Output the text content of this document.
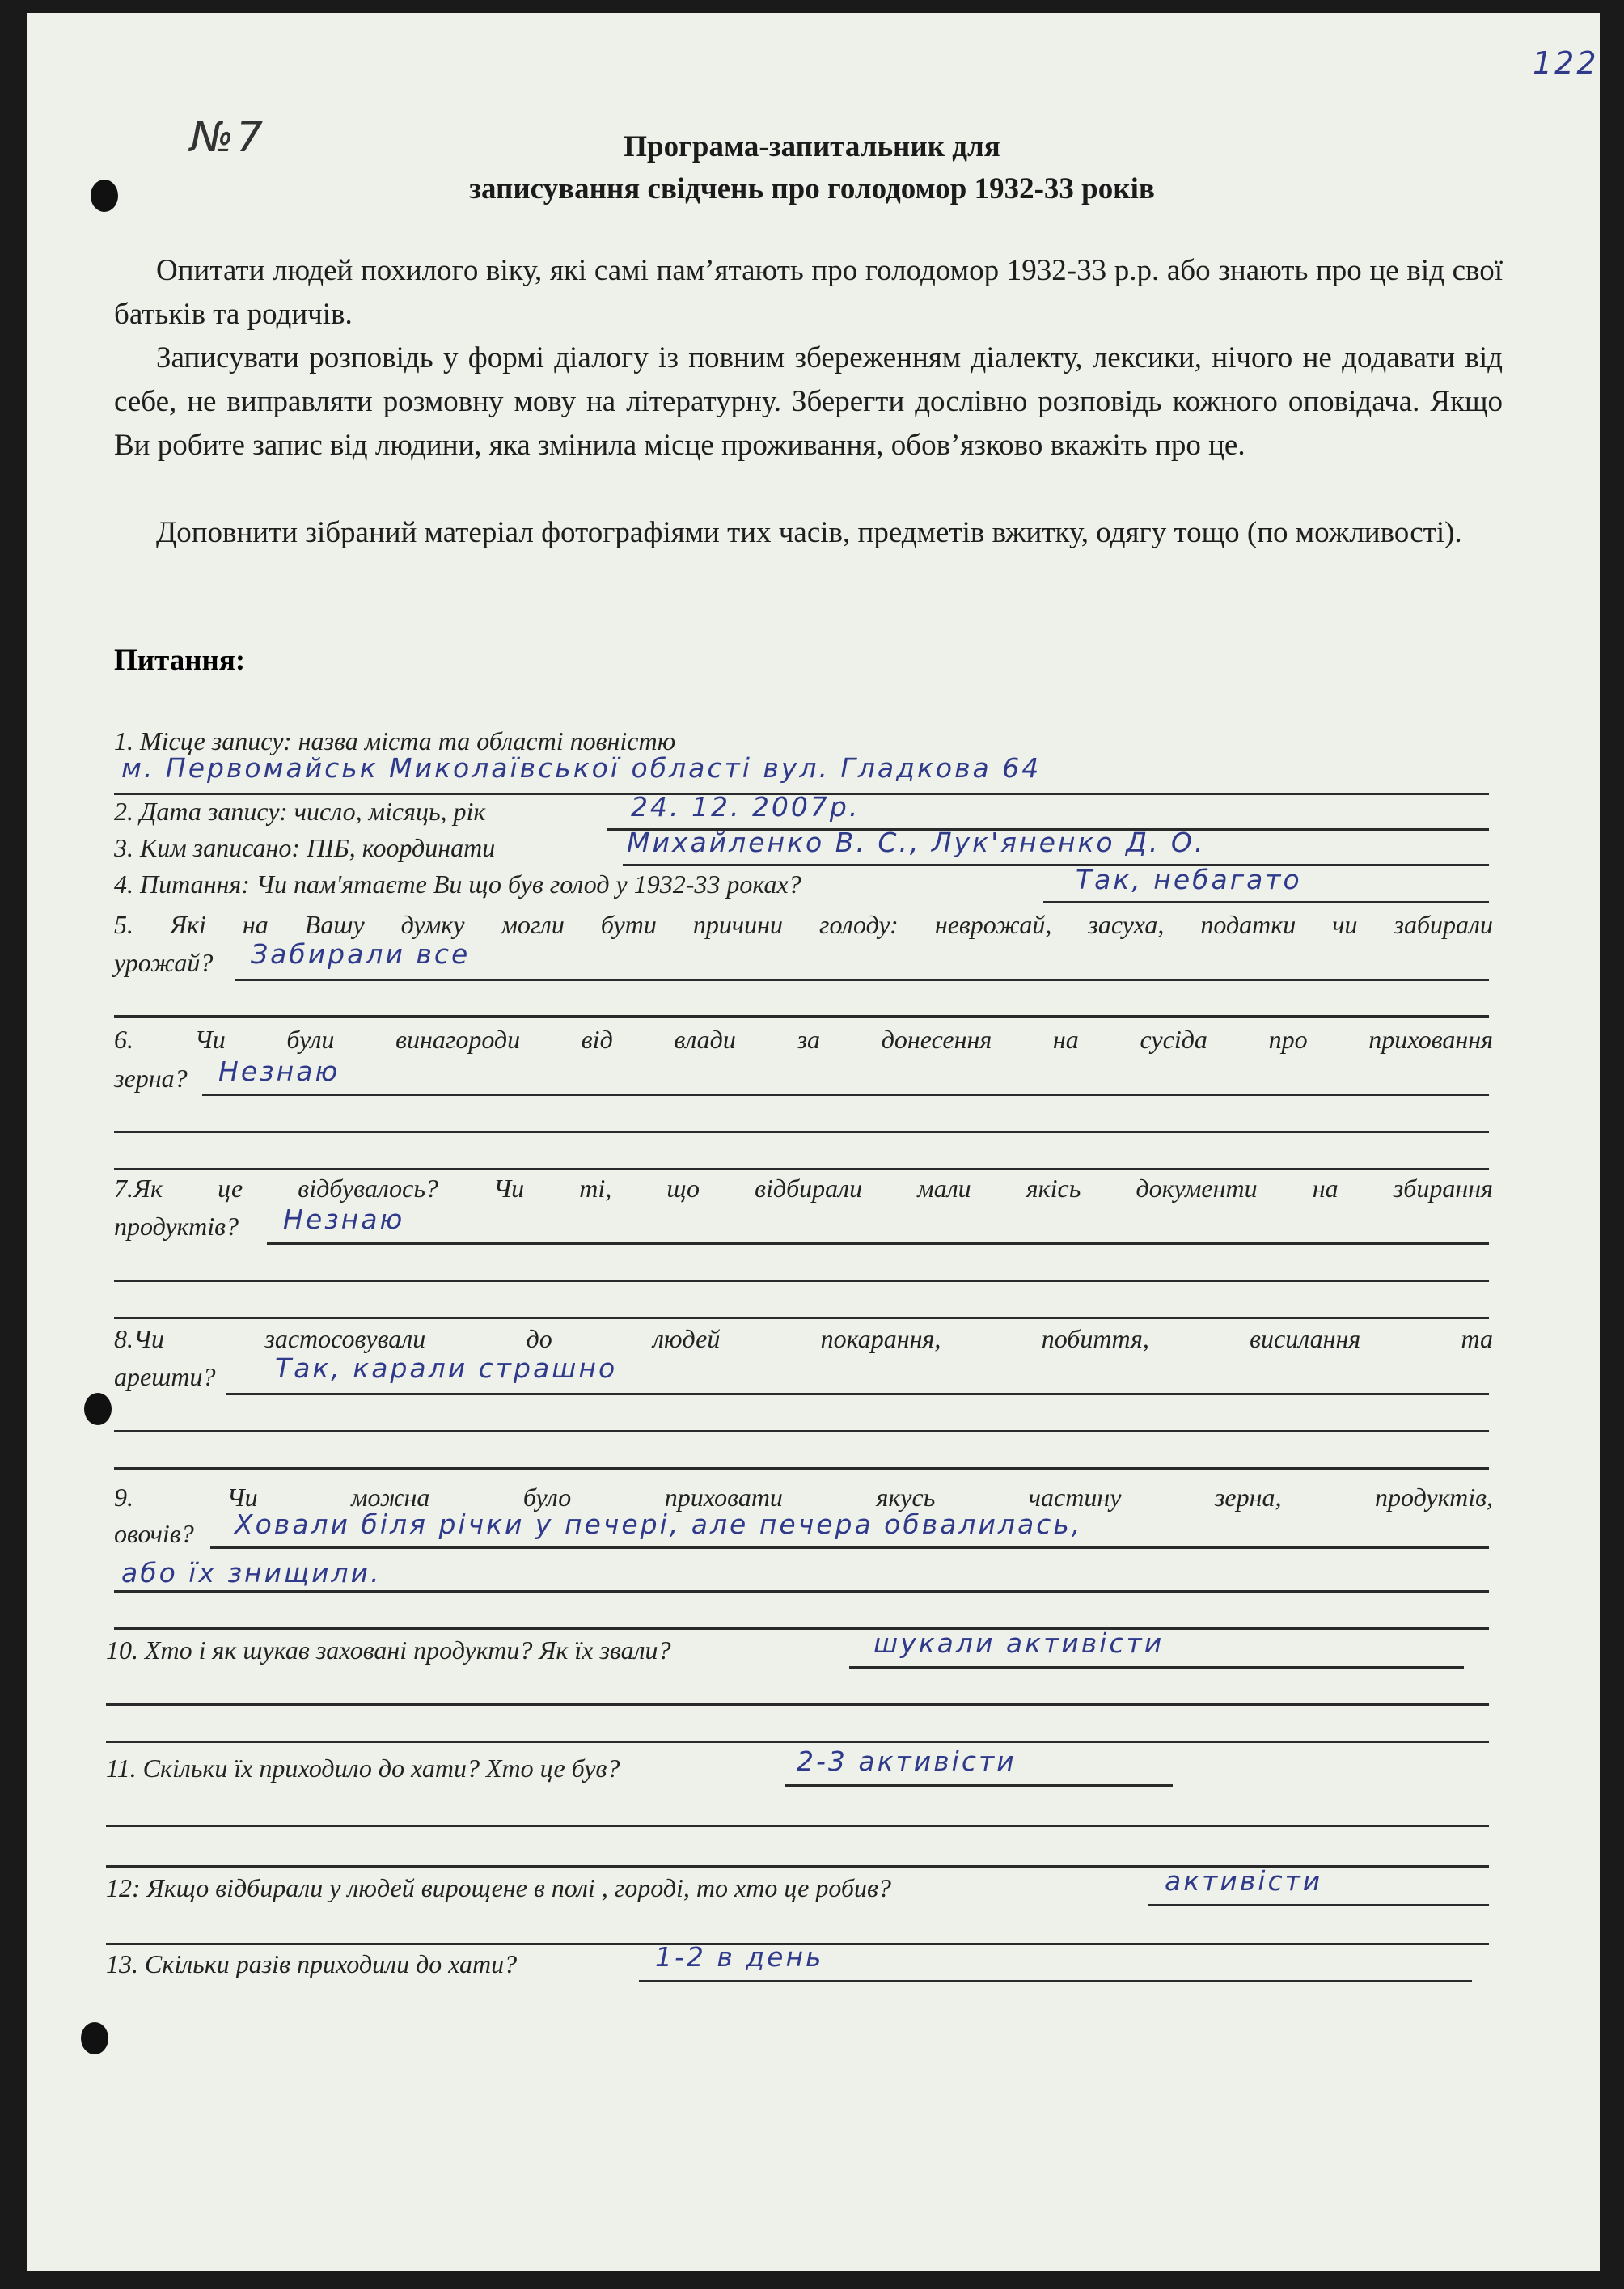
122
№7	Програма-запитальник для
записування свідчень про голодомор 1932-33 років
Опитати людей похилого віку, які самі пам’ятають про голодомор 1932-33 р.р. або знають про це від свої батьків та родичів.
Записувати розповідь у формі діалогу із повним збереженням діалекту, лексики, нічого не додавати від себе, не виправляти розмовну мову на літературну. Зберегти дослівно розповідь кожного оповідача. Якщо Ви робите запис від людини, яка змінила місце проживання, обов’язково вкажіть про це.
Доповнити зібраний матеріал фотографіями тих часів, предметів вжитку, одягу тощо (по можливості).
Питання:
1. Місце запису: назва міста та області повністю
м. Первомайськ Миколаївської області вул. Гладкова 64
2. Дата запису: число, місяць, рік	24. 12. 2007р.
3. Ким записано: ПІБ, координати	Михайленко В. С., Лук'яненко Д. О.
4. Питання: Чи пам'ятаєте Ви що був голод у 1932-33 роках?	Так, небагато
5. Які на Вашу думку могли бути причини голоду: неврожай, засуха, податки чи забирали
урожай? Забирали все
6. Чи були винагороди від влади за донесення на сусіда про приховання
зерна? Незнаю
7.Як це відбувалось? Чи ті, що відбирали мали якісь документи на збирання
продуктів? Незнаю
8.Чи застосовували до людей покарання, побиття, висилання та
арешти? Так, карали страшно
9. Чи можна було приховати якусь частину зерна, продуктів,
овочів? Ховали біля річки у печері, але печера обвалилась,
або їх знищили.
10. Хто і як шукав заховані продукти? Як їх звали?	шукали активісти
11. Скільки їх приходило до хати? Хто це був?	2-3 активісти
12: Якщо відбирали у людей вирощене в полі , городі, то хто це робив?	активісти
13. Скільки разів приходили до хати?	1-2 в день
